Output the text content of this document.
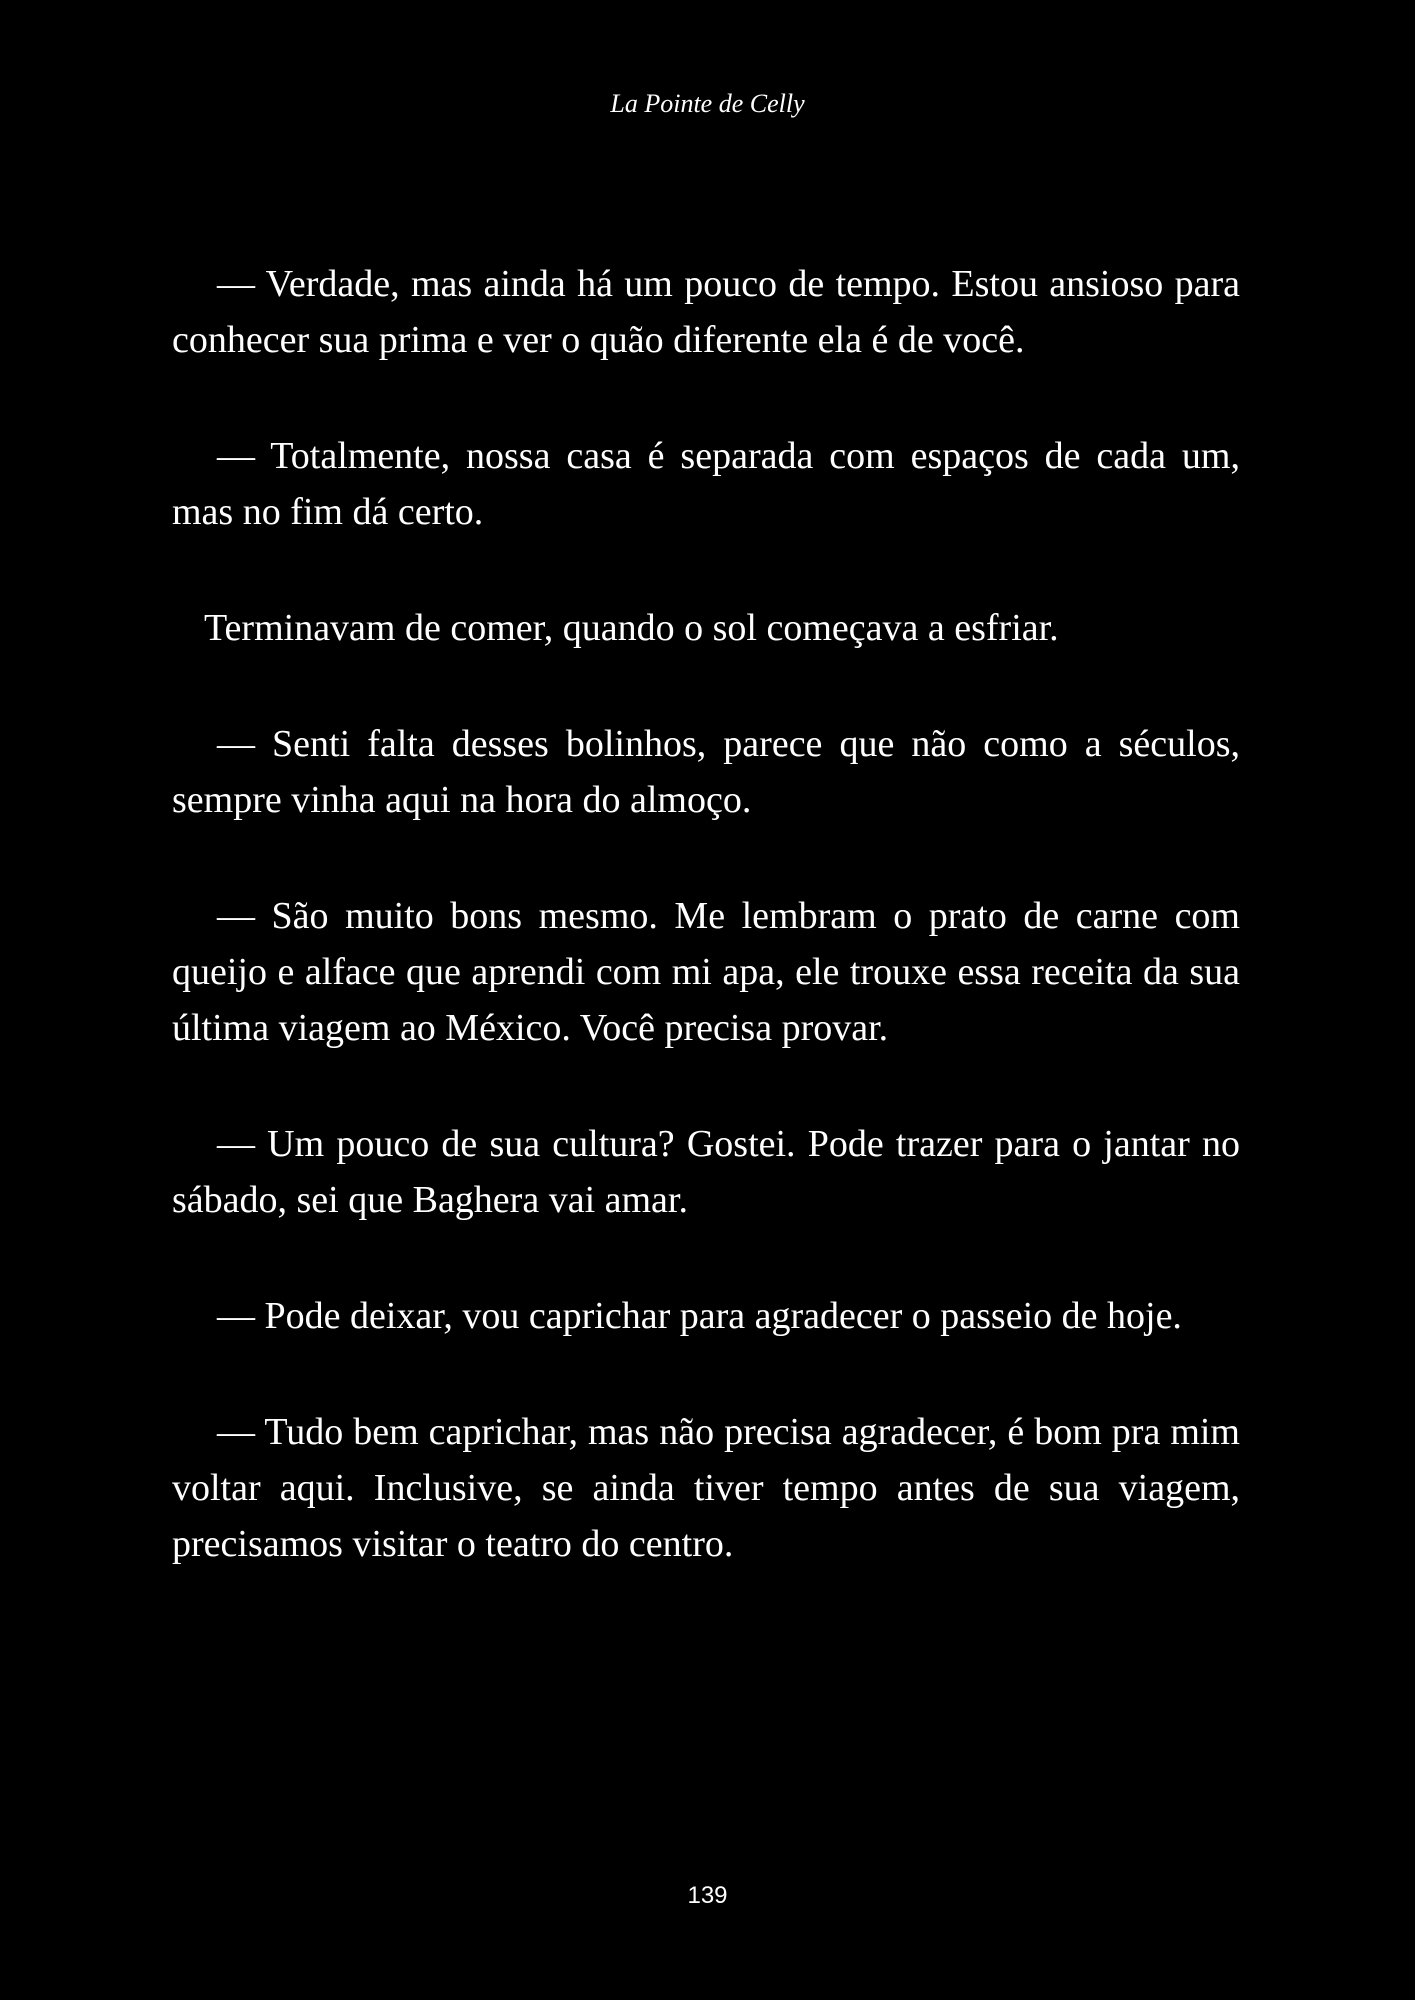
La Pointe de Celly

— Verdade, mas ainda há um pouco de tempo. Estou ansioso para conhecer sua prima e ver o quão diferente ela é de você.

— Totalmente, nossa casa é separada com espaços de cada um, mas no fim dá certo.

Terminavam de comer, quando o sol começava a esfriar.

— Senti falta desses bolinhos, parece que não como a séculos, sempre vinha aqui na hora do almoço.

— São muito bons mesmo. Me lembram o prato de carne com queijo e alface que aprendi com mi apa, ele trouxe essa receita da sua última viagem ao México. Você precisa provar.

— Um pouco de sua cultura? Gostei. Pode trazer para o jantar no sábado, sei que Baghera vai amar.

— Pode deixar, vou caprichar para agradecer o passeio de hoje.

— Tudo bem caprichar, mas não precisa agradecer, é bom pra mim voltar aqui. Inclusive, se ainda tiver tempo antes de sua viagem, precisamos visitar o teatro do centro.

139
